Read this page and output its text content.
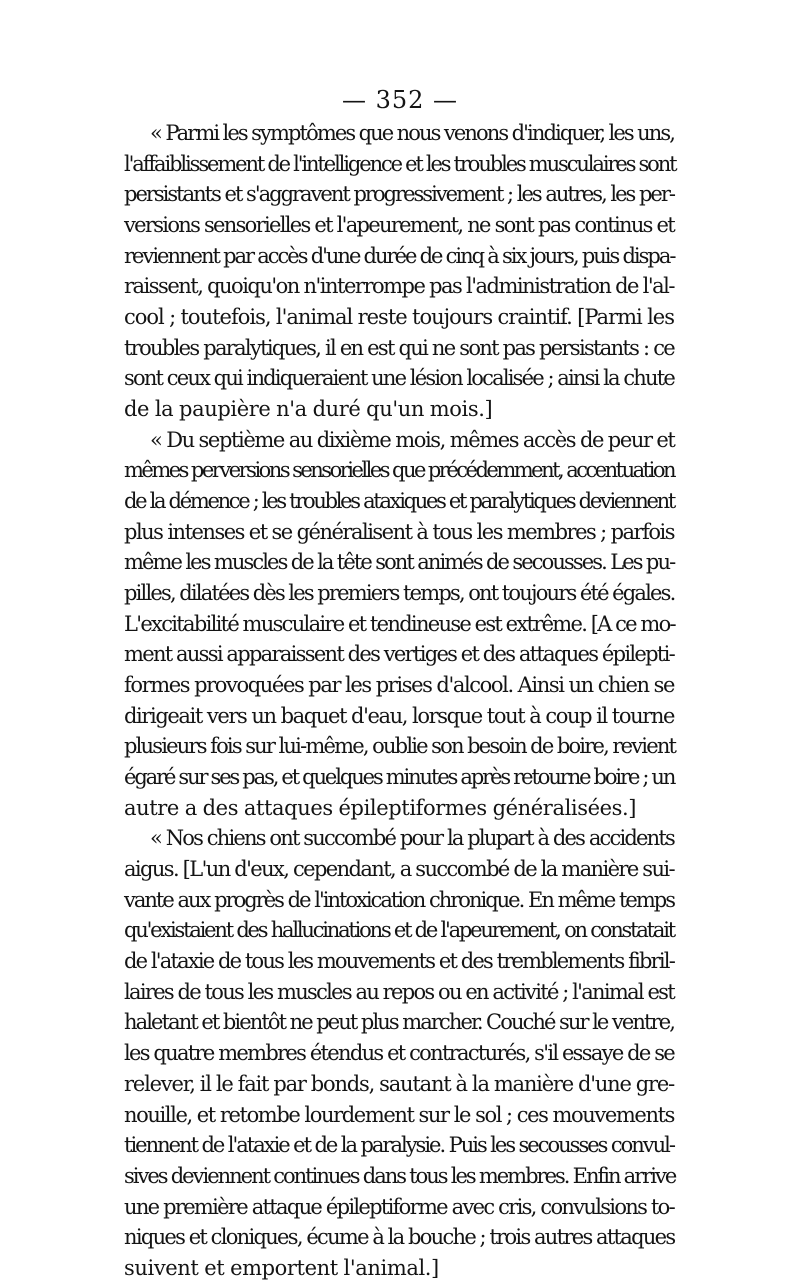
— 352 —
« Parmi les symptômes que nous venons d'indiquer, les uns,
l'affaiblissement de l'intelligence et les troubles musculaires sont
persistants et s'aggravent progressivement ; les autres, les per-
versions sensorielles et l'apeurement, ne sont pas continus et
reviennent par accès d'une durée de cinq à six jours, puis dispa-
raissent, quoiqu'on n'interrompe pas l'administration de l'al-
cool ; toutefois, l'animal reste toujours craintif. [Parmi les
troubles paralytiques, il en est qui ne sont pas persistants : ce
sont ceux qui indiqueraient une lésion localisée ; ainsi la chute
de la paupière n'a duré qu'un mois.]
« Du septième au dixième mois, mêmes accès de peur et
mêmes perversions sensorielles que précédemment, accentuation
de la démence ; les troubles ataxiques et paralytiques deviennent
plus intenses et se généralisent à tous les membres ; parfois
même les muscles de la tête sont animés de secousses. Les pu-
pilles, dilatées dès les premiers temps, ont toujours été égales.
L'excitabilité musculaire et tendineuse est extrême. [A ce mo-
ment aussi apparaissent des vertiges et des attaques épilepti-
formes provoquées par les prises d'alcool. Ainsi un chien se
dirigeait vers un baquet d'eau, lorsque tout à coup il tourne
plusieurs fois sur lui-même, oublie son besoin de boire, revient
égaré sur ses pas, et quelques minutes après retourne boire ; un
autre a des attaques épileptiformes généralisées.]
« Nos chiens ont succombé pour la plupart à des accidents
aigus. [L'un d'eux, cependant, a succombé de la manière sui-
vante aux progrès de l'intoxication chronique. En même temps
qu'existaient des hallucinations et de l'apeurement, on constatait
de l'ataxie de tous les mouvements et des tremblements fibril-
laires de tous les muscles au repos ou en activité ; l'animal est
haletant et bientôt ne peut plus marcher. Couché sur le ventre,
les quatre membres étendus et contracturés, s'il essaye de se
relever, il le fait par bonds, sautant à la manière d'une gre-
nouille, et retombe lourdement sur le sol ; ces mouvements
tiennent de l'ataxie et de la paralysie. Puis les secousses convul-
sives deviennent continues dans tous les membres. Enfin arrive
une première attaque épileptiforme avec cris, convulsions to-
niques et cloniques, écume à la bouche ; trois autres attaques
suivent et emportent l'animal.]
